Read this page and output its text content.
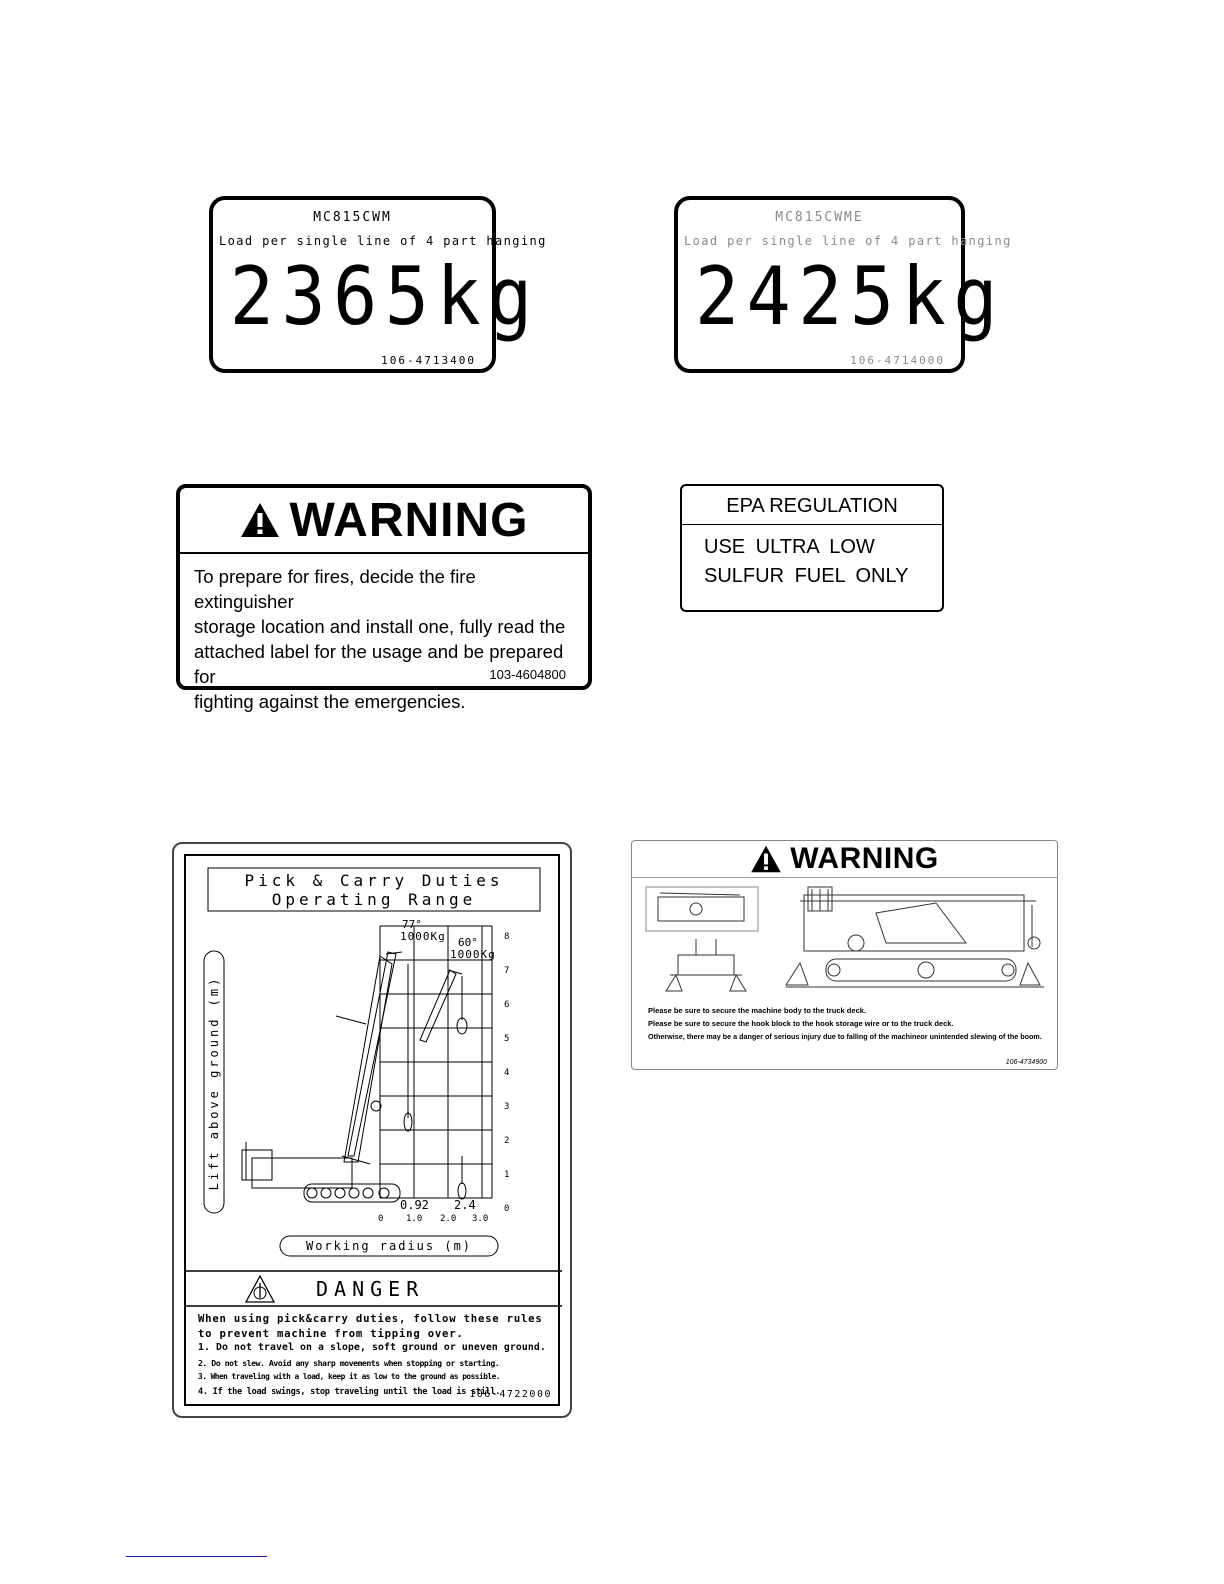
MC815CWM
Load per single line of 4 part hanging
2365kg
106-4713400
MC815CWME
Load per single line of 4 part hanging
2425kg
106-4714000
WARNING
To prepare for fires, decide the fire extinguisher
storage location and install one, fully read the
attached label for the usage and be prepared for
fighting against the emergencies.
103-4604800
EPA REGULATION
USE ULTRA LOW
SULFUR FUEL ONLY
Pick & Carry Duties
Operating Range
77°
1000Kg 60°
1000Kg
Lift above ground (m)
8
7
6
5
4
3
2
1
0
0.92 2.4
0	1.0 2.0 3.0
Working radius (m)
DANGER
When using pick&carry duties, follow these rules
to prevent machine from tipping over.
1. Do not travel on a slope, soft ground or uneven ground.
2. Do not slew. Avoid any sharp movements when stopping or starting.
3. When traveling with a load, keep it as low to the ground as possible.
4. If the load swings, stop traveling until the load is still.
106-4722000
WARNING
Please be sure to secure the machine body to the truck deck.
Please be sure to secure the hook block to the hook storage wire or to the truck deck.
Otherwise, there may be a danger of serious injury due to falling of the machineor unintended slewing of the boom.
106-4734900
